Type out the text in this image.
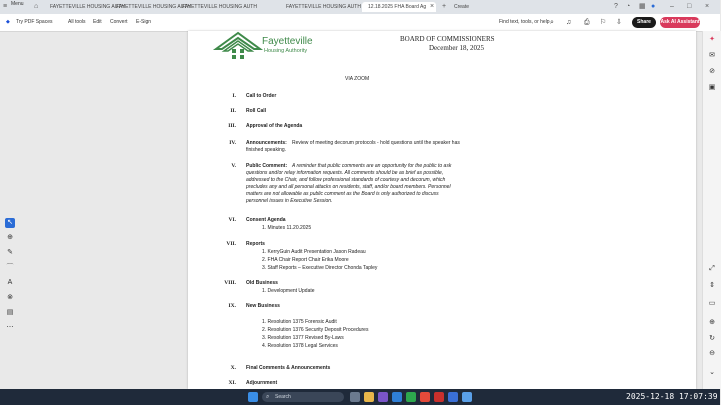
≡ Menu ⌂	FAYETTEVILLE HOUSING AUTH
FAYETTEVILLE HOUSING AUTH
FAYETTEVILLE HOUSING AUTH	FAYETTEVILLE HOUSING AUTH	12.18.2025 FHA Board Ag × +	Create	? ◔ ▦ ● – □ ×
◆ Try PDF Spaces	All tools Edit Convert E-Sign	Find text, tools, or help ⌕ ♫ ⎙ ⚐ ⇩	Share	Ask AI Assistant
↖
⊕
✎
⌒
A
⊗
▤
⋯
✦
✉
⊘
▣
⤢
⇕
▭
⊕
↻
⊖
⌄
Fayetteville
Housing Authority
BOARD OF COMMISSIONERS
December 18, 2025
VIA ZOOM
I. Call to Order
II. Roll Call
III. Approval of the Agenda
IV. Announcements: Review of meeting decorum protocols - hold questions until the speaker has
finished speaking.
V. Public Comment: A reminder that public comments are an opportunity for the public to ask
questions and/or relay information requests. All comments should be as brief as possible,
addressed to the Chair, and follow professional standards of courtesy and decorum, which
precludes any and all personal attacks on residents, staff, and/or board members. Personnel
matters are not allowable as public comment as the Board is only authorized to discuss
personnel issues in Executive Session.
VI. Consent Agenda
1. Minutes 11.20.2025
VII. Reports
1. KerryGuin Audit Presentation Jason Radeau
2. FHA Chair Report Chair Erika Moore
3. Staff Reports – Executive Director Chonda Tapley
VIII. Old Business
1. Development Update
IX. New Business
1. Resolution 1375 Forensic Audit
2. Resolution 1376 Security Deposit Procedures
3. Resolution 1377 Revised By-Laws
4. Resolution 1378 Legal Services
X. Final Comments & Announcements
XI. Adjournment
⌕ Search	2025-12-18 17:07:39
